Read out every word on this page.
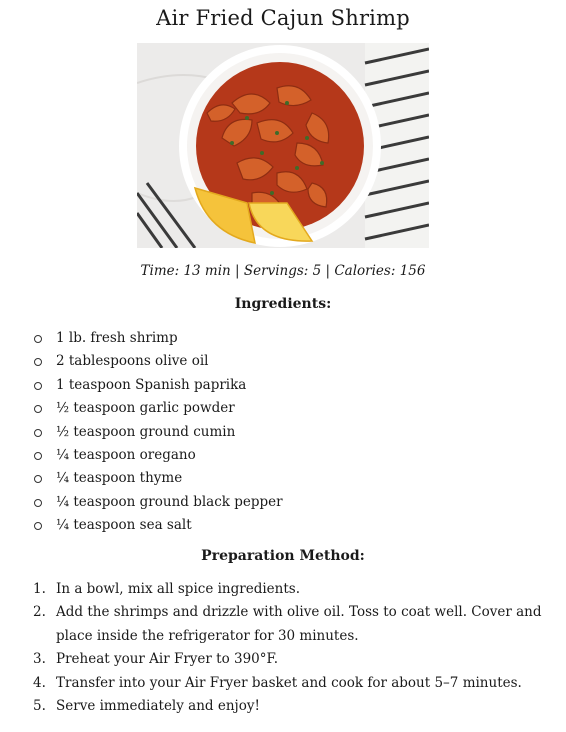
Air Fried Cajun Shrimp
Time: 13 min | Servings: 5 | Calories: 156
Ingredients:
1 lb. fresh shrimp
2 tablespoons olive oil
1 teaspoon Spanish paprika
½ teaspoon garlic powder
½ teaspoon ground cumin
¼ teaspoon oregano
¼ teaspoon thyme
¼ teaspoon ground black pepper
¼ teaspoon sea salt
Preparation Method:
1. In a bowl, mix all spice ingredients.
2. Add the shrimps and drizzle with olive oil. Toss to coat well. Cover and place inside the refrigerator for 30 minutes.
3. Preheat your Air Fryer to 390°F.
4. Transfer into your Air Fryer basket and cook for about 5–7 minutes.
5. Serve immediately and enjoy!
